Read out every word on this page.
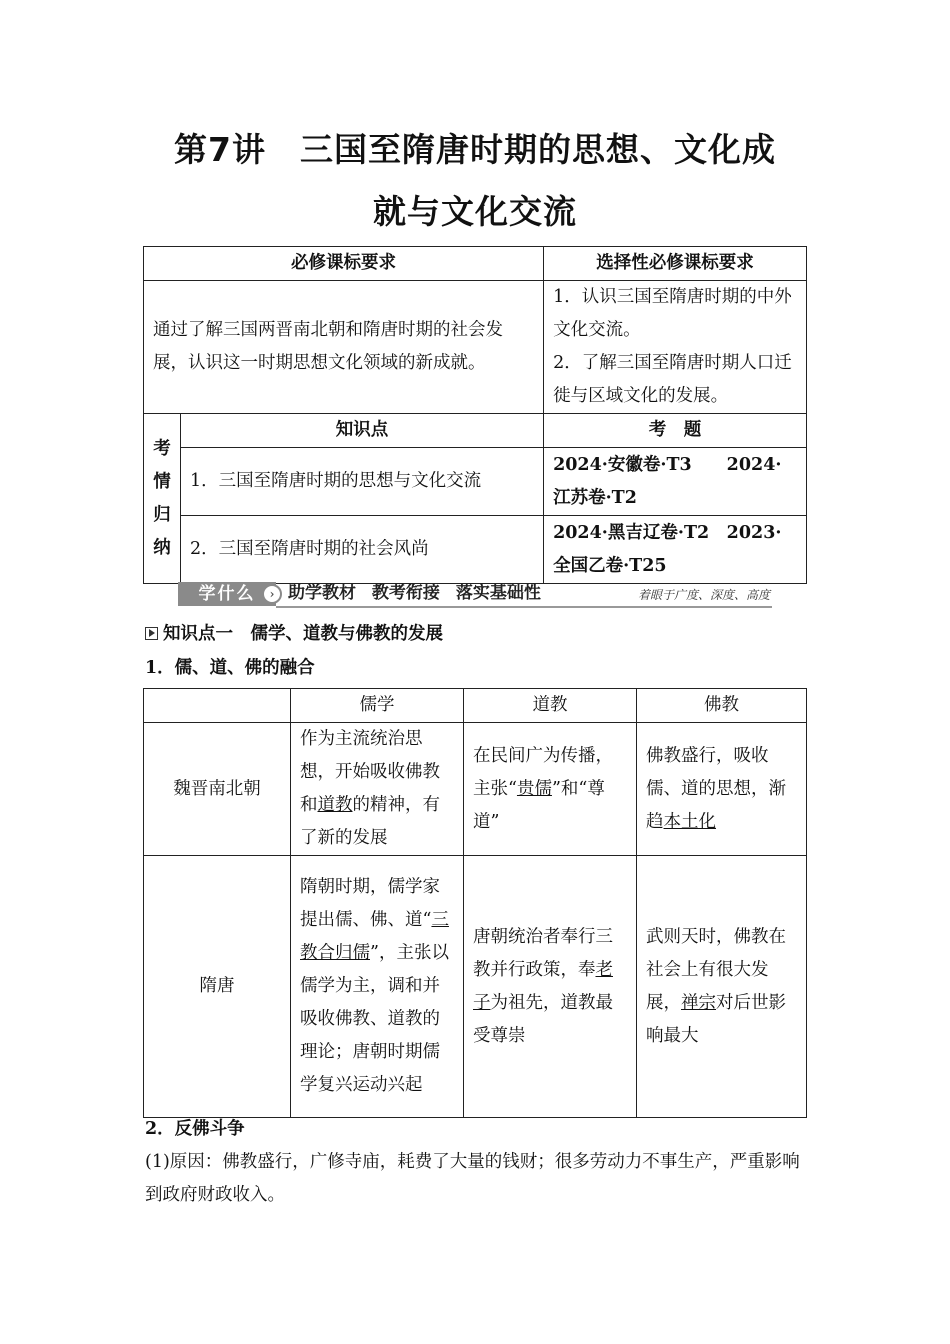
第7讲　三国至隋唐时期的思想、文化成
就与文化交流
必修课标要求		选择性必修课标要求
通过了解三国两晋南北朝和隋唐时期的社会发展，认识这一时期思想文化领域的新成就。		1．认识三国至隋唐时期的中外文化交流。
2．了解三国至隋唐时期人口迁徙与区域文化的发展。

考
情
归
纳	知识点	考　题
	1．三国至隋唐时期的思想与文化交流	2024·安徽卷·T3　　2024·江苏卷·T2
	2．三国至隋唐时期的社会风尚	2024·黑吉辽卷·T2　2023·全国乙卷·T25
学什么	› 助学教材 教考衔接 落实基础性	着眼于广度、深度、高度
知识点一　儒学、道教与佛教的发展
1．儒、道、佛的融合
	儒学	道教	佛教
魏晋南北朝	作为主流统治思想，开始吸收佛教和道教的精神，有了新的发展	在民间广为传播，主张“贵儒”和“尊道”	佛教盛行，吸收儒、道的思想，渐趋本土化
隋唐	隋朝时期，儒学家提出儒、佛、道“三教合归儒”，主张以儒学为主，调和并吸收佛教、道教的理论；唐朝时期儒学复兴运动兴起	唐朝统治者奉行三教并行政策，奉老子为祖先，道教最受尊崇	武则天时，佛教在社会上有很大发展，禅宗对后世影响最大
2．反佛斗争
(1)原因：佛教盛行，广修寺庙，耗费了大量的钱财；很多劳动力不事生产，严重影响到政府财政收入。
